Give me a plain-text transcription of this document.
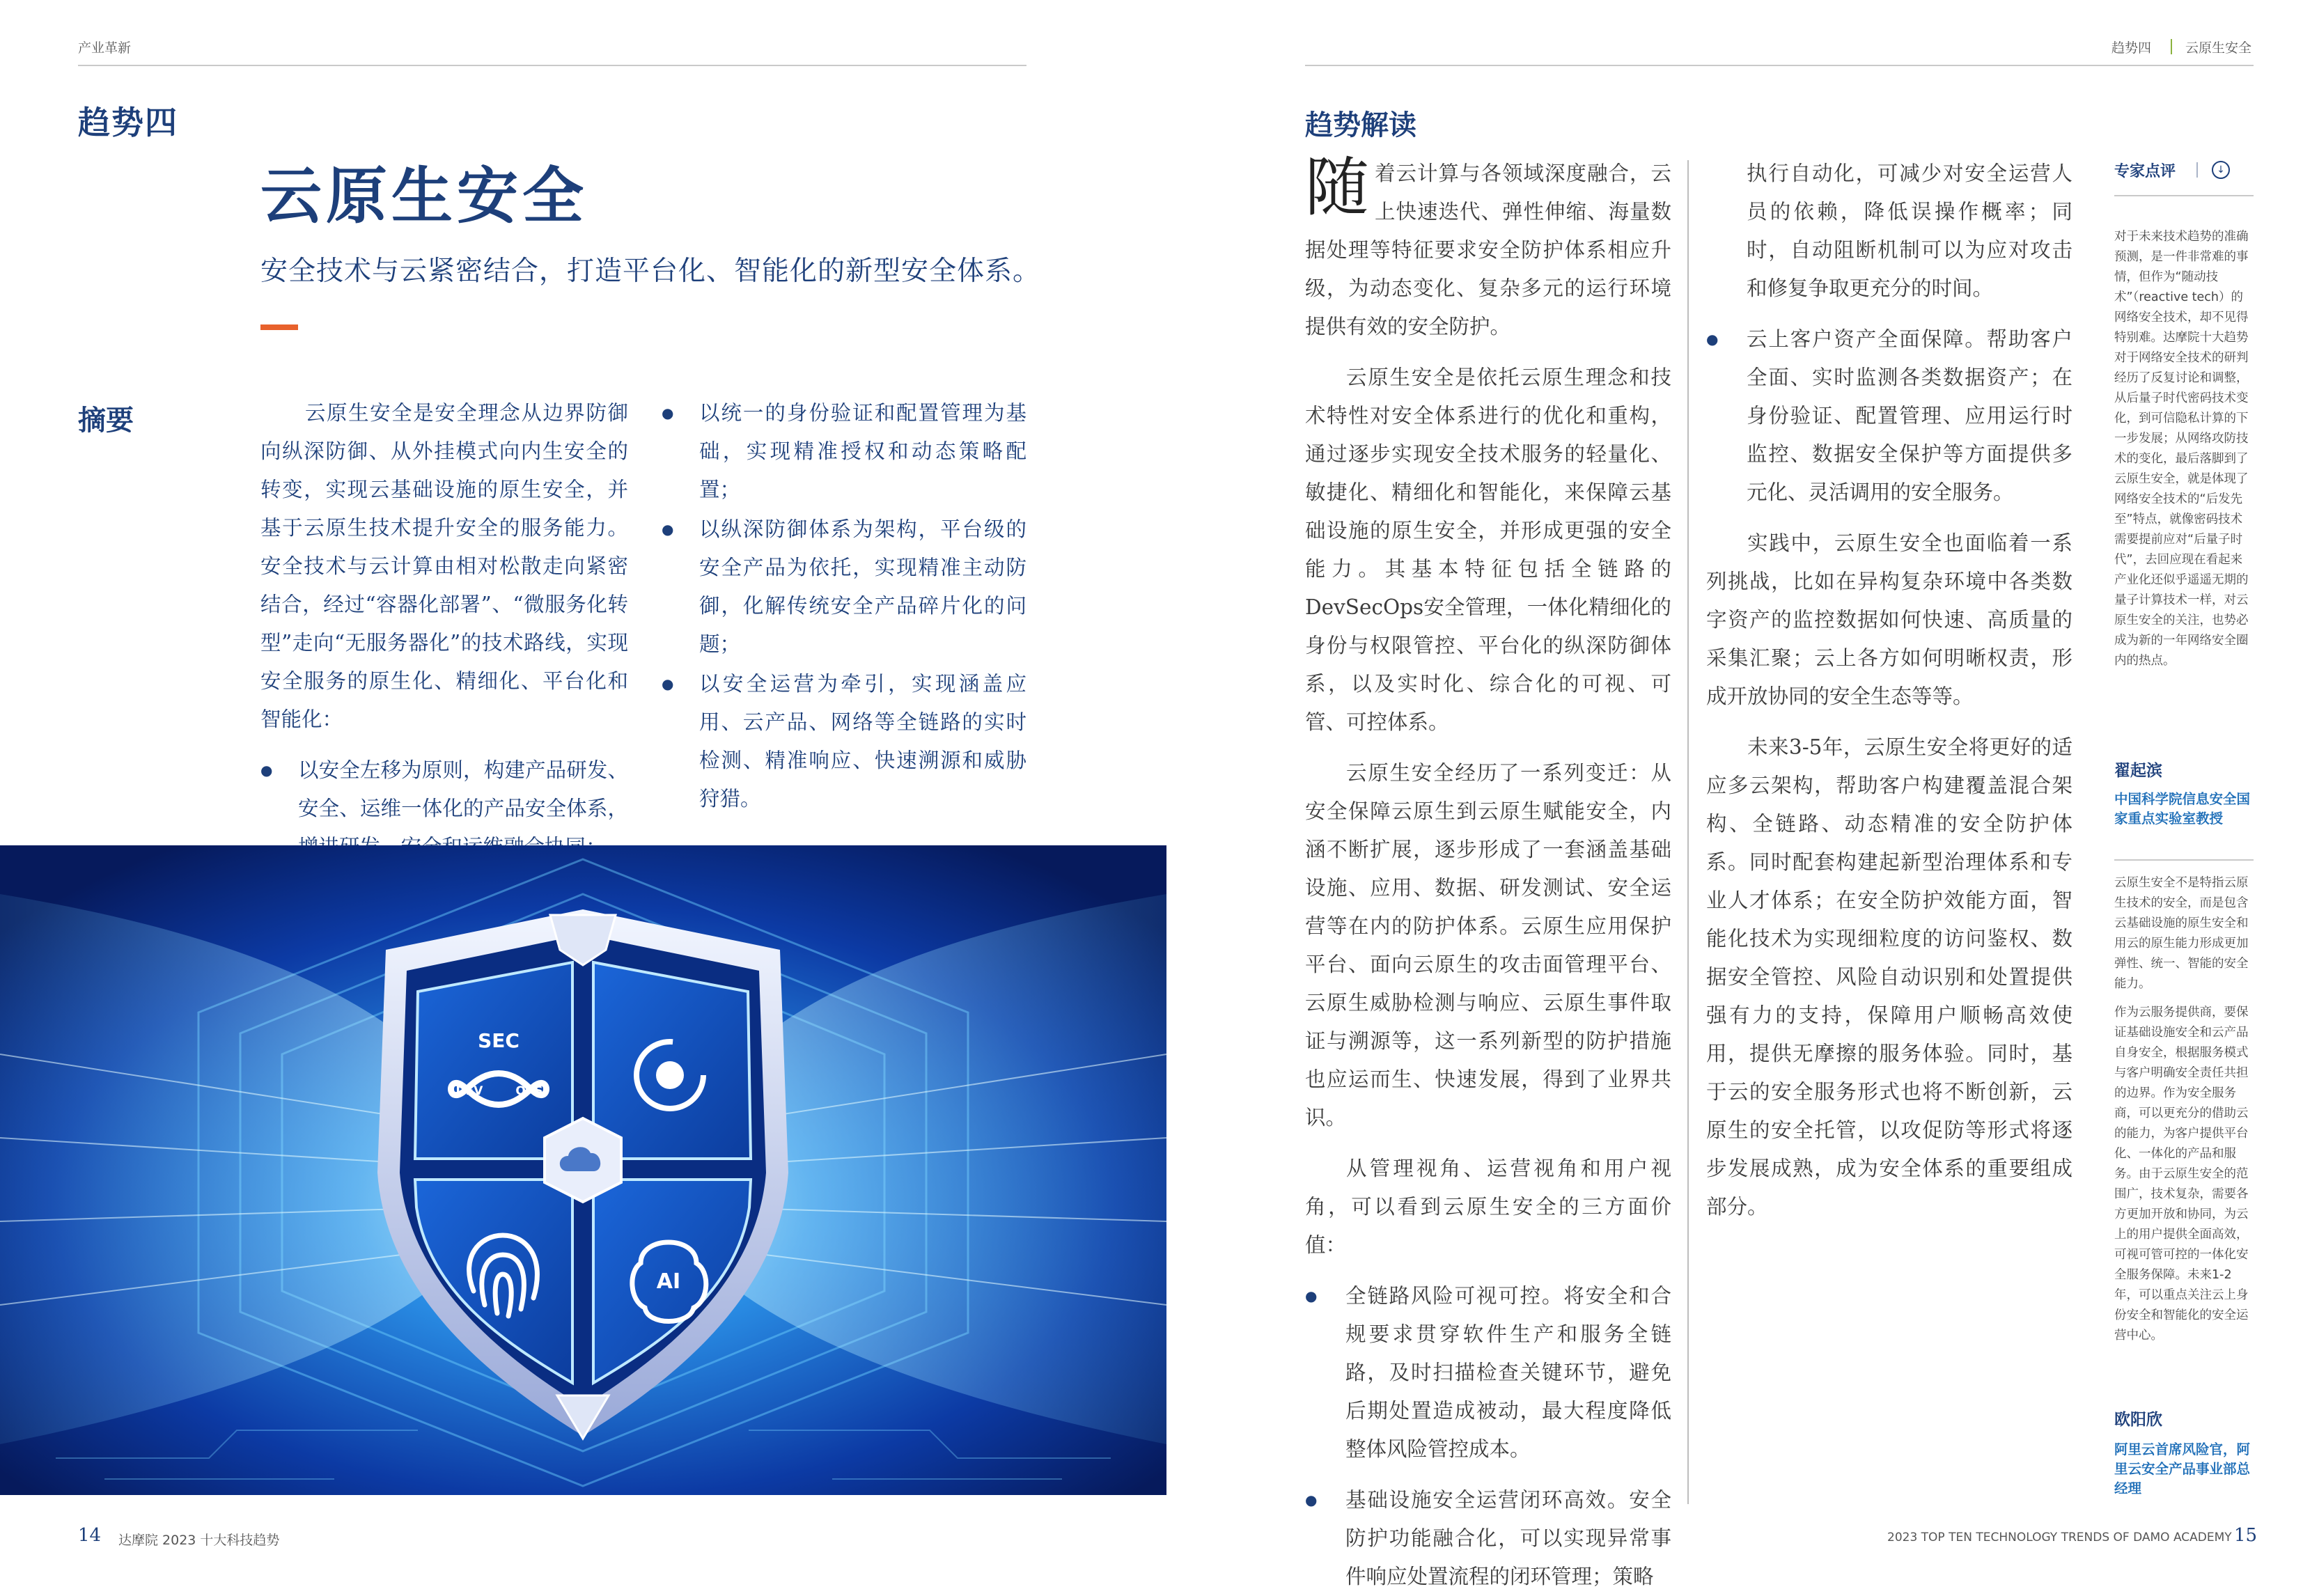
产业革新	趋势四	云原生安全
趋势四
云原生安全
安全技术与云紧密结合，打造平台化、智能化的新型安全体系。
摘要	云原生安全是安全理念从边界防御向纵深防御、从外挂模式向内生安全的转变，实现云基础设施的原生安全，并基于云原生技术提升安全的服务能力。安全技术与云计算由相对松散走向紧密结合，经过“容器化部署”、“微服务化转型”走向“无服务器化”的技术路线，实现安全服务的原生化、精细化、平台化和智能化：

● 以安全左移为原则，构建产品研发、安全、运维一体化的产品安全体系，
● 以统一的身份验证和配置管理为基础，实现精准授权和动态策略配置；
● 以纵深防御体系为架构，平台级的安全产品为依托，实现精准主动防御，化解传统安全产品碎片化的问题；
● 以安全运营为牵引，实现涵盖应用、云产品、网络等全链路的实时检测、精准响应、快速溯源和威胁狩猎。
SEC
DEV	OPS
AI
14 达摩院 2023 十大科技趋势	2023 TOP TEN TECHNOLOGY TRENDS OF DAMO ACADEMY 15
趋势解读

随 着云计算与各领域深度融合，云上快速迭代、弹性伸缩、海量数据处理等特征要求安全防护体系相应升级，为动态变化、复杂多元的运行环境提供有效的安全防护。

云原生安全是依托云原生理念和技术特性对安全体系进行的优化和重构，通过逐步实现安全技术服务的轻量化、敏捷化、精细化和智能化，来保障云基础设施的原生安全，并形成更强的安全能力。其基本特征包括全链路的DevSecOps安全管理，一体化精细化的身份与权限管控、平台化的纵深防御体系，以及实时化、综合化的可视、可管、可控体系。

云原生安全经历了一系列变迁：从安全保障云原生到云原生赋能安全，内涵不断扩展，逐步形成了一套涵盖基础设施、应用、数据、研发测试、安全运营等在内的防护体系。云原生应用保护平台、面向云原生的攻击面管理平台、云原生威胁检测与响应、云原生事件取证与溯源等，这一系列新型的防护措施也应运而生、快速发展，得到了业界共识。

从管理视角、运营视角和用户视角，可以看到云原生安全的三方面价值：

● 全链路风险可视可控。将安全和合规要求贯穿软件生产和服务全链路，及时扫描检查关键环节，避免后期处置造成被动，最大程度降低整体风险管控成本。
● 基础设施安全运营闭环高效。安全防护功能融合化，可以实现异常事件响应处置流程的闭环管理；策略

执行自动化，可减少对安全运营人员的依赖，降低误操作概率；同时，自动阻断机制可以为应对攻击和修复争取更充分的时间。

● 云上客户资产全面保障。帮助客户全面、实时监测各类数据资产；在身份验证、配置管理、应用运行时监控、数据安全保护等方面提供多元化、灵活调用的安全服务。

实践中，云原生安全也面临着一系列挑战，比如在异构复杂环境中各类数字资产的监控数据如何快速、高质量的采集汇聚；云上各方如何明晰权责，形成开放协同的安全生态等等。

未来3-5年，云原生安全将更好的适应多云架构，帮助客户构建覆盖混合架构、全链路、动态精准的安全防护体系。同时配套构建起新型治理体系和专业人才体系；在安全防护效能方面，智能化技术为实现细粒度的访问鉴权、数据安全管控、风险自动识别和处置提供强有力的支持，保障用户顺畅高效使用，提供无摩擦的服务体验。同时，基于云的安全服务形式也将不断创新，云原生的安全托管，以攻促防等形式将逐步发展成熟，成为安全体系的重要组成部分。

专家点评	↓

对于未来技术趋势的准确预测，是一件非常难的事情，但作为“随动技术”（reactive tech）的网络安全技术，却不见得特别难。达摩院十大趋势对于网络安全技术的研判经历了反复讨论和调整，从后量子时代密码技术变化，到可信隐私计算的下一步发展；从网络攻防技术的变化，最后落脚到了云原生安全，就是体现了网络安全技术的“后发先至”特点，就像密码技术需要提前应对“后量子时代”，去回应现在看起来产业化还似乎遥遥无期的量子计算技术一样，对云原生安全的关注，也势必成为新的一年网络安全圈内的热点。

翟起滨
中国科学院信息安全国家重点实验室教授

云原生安全不是特指云原生技术的安全，而是包含云基础设施的原生安全和用云的原生能力形成更加弹性、统一、智能的安全能力。

作为云服务提供商，要保证基础设施安全和云产品自身安全，根据服务模式与客户明确安全责任共担的边界。作为安全服务商，可以更充分的借助云的能力，为客户提供平台化、一体化的产品和服务。由于云原生安全的范围广，技术复杂，需要各方更加开放和协同，为云上的用户提供全面高效，可视可管可控的一体化安全服务保障。未来1-2年，可以重点关注云上身份安全和智能化的安全运营中心。

欧阳欣
阿里云首席风险官，阿里云安全产品事业部总经理
